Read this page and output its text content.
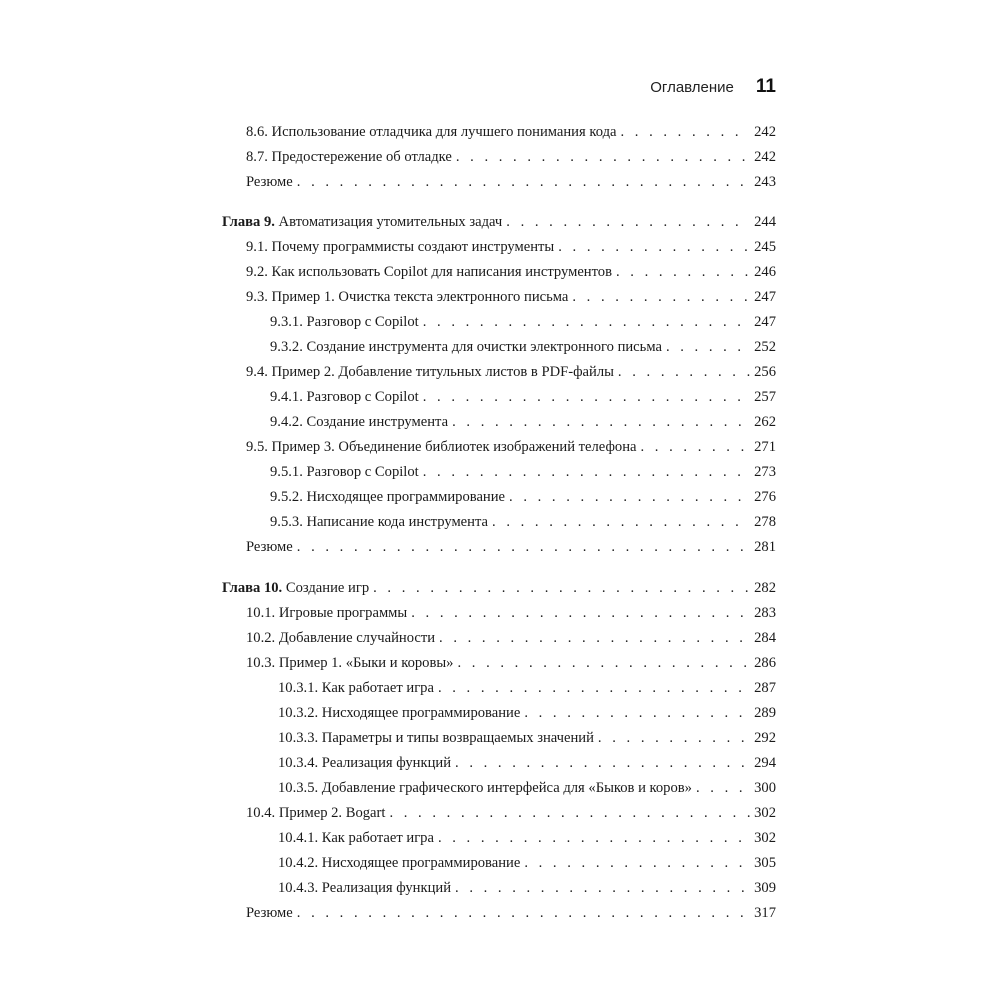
Оглавление 11
8.6. Использование отладчика для лучшего понимания кода . . .	242
8.7. Предостережение об отладке . . .	242
Резюме . . .	243
Глава 9. Автоматизация утомительных задач . . .	244
9.1. Почему программисты создают инструменты . . .	245
9.2. Как использовать Copilot для написания инструментов . . .	246
9.3. Пример 1. Очистка текста электронного письма . . .	247
9.3.1. Разговор с Copilot . . .	247
9.3.2. Создание инструмента для очистки электронного письма . . .	252
9.4. Пример 2. Добавление титульных листов в PDF-файлы . . .	256
9.4.1. Разговор с Copilot . . .	257
9.4.2. Создание инструмента . . .	262
9.5. Пример 3. Объединение библиотек изображений телефона . . .	271
9.5.1. Разговор с Copilot . . .	273
9.5.2. Нисходящее программирование . . .	276
9.5.3. Написание кода инструмента . . .	278
Резюме . . .	281
Глава 10. Создание игр . . .	282
10.1. Игровые программы . . .	283
10.2. Добавление случайности . . .	284
10.3. Пример 1. «Быки и коровы» . . .	286
10.3.1. Как работает игра . . .	287
10.3.2. Нисходящее программирование . . .	289
10.3.3. Параметры и типы возвращаемых значений . . .	292
10.3.4. Реализация функций . . .	294
10.3.5. Добавление графического интерфейса для «Быков и коров» . . .	300
10.4. Пример 2. Bogart . . .	302
10.4.1. Как работает игра . . .	302
10.4.2. Нисходящее программирование . . .	305
10.4.3. Реализация функций . . .	309
Резюме . . .	317
